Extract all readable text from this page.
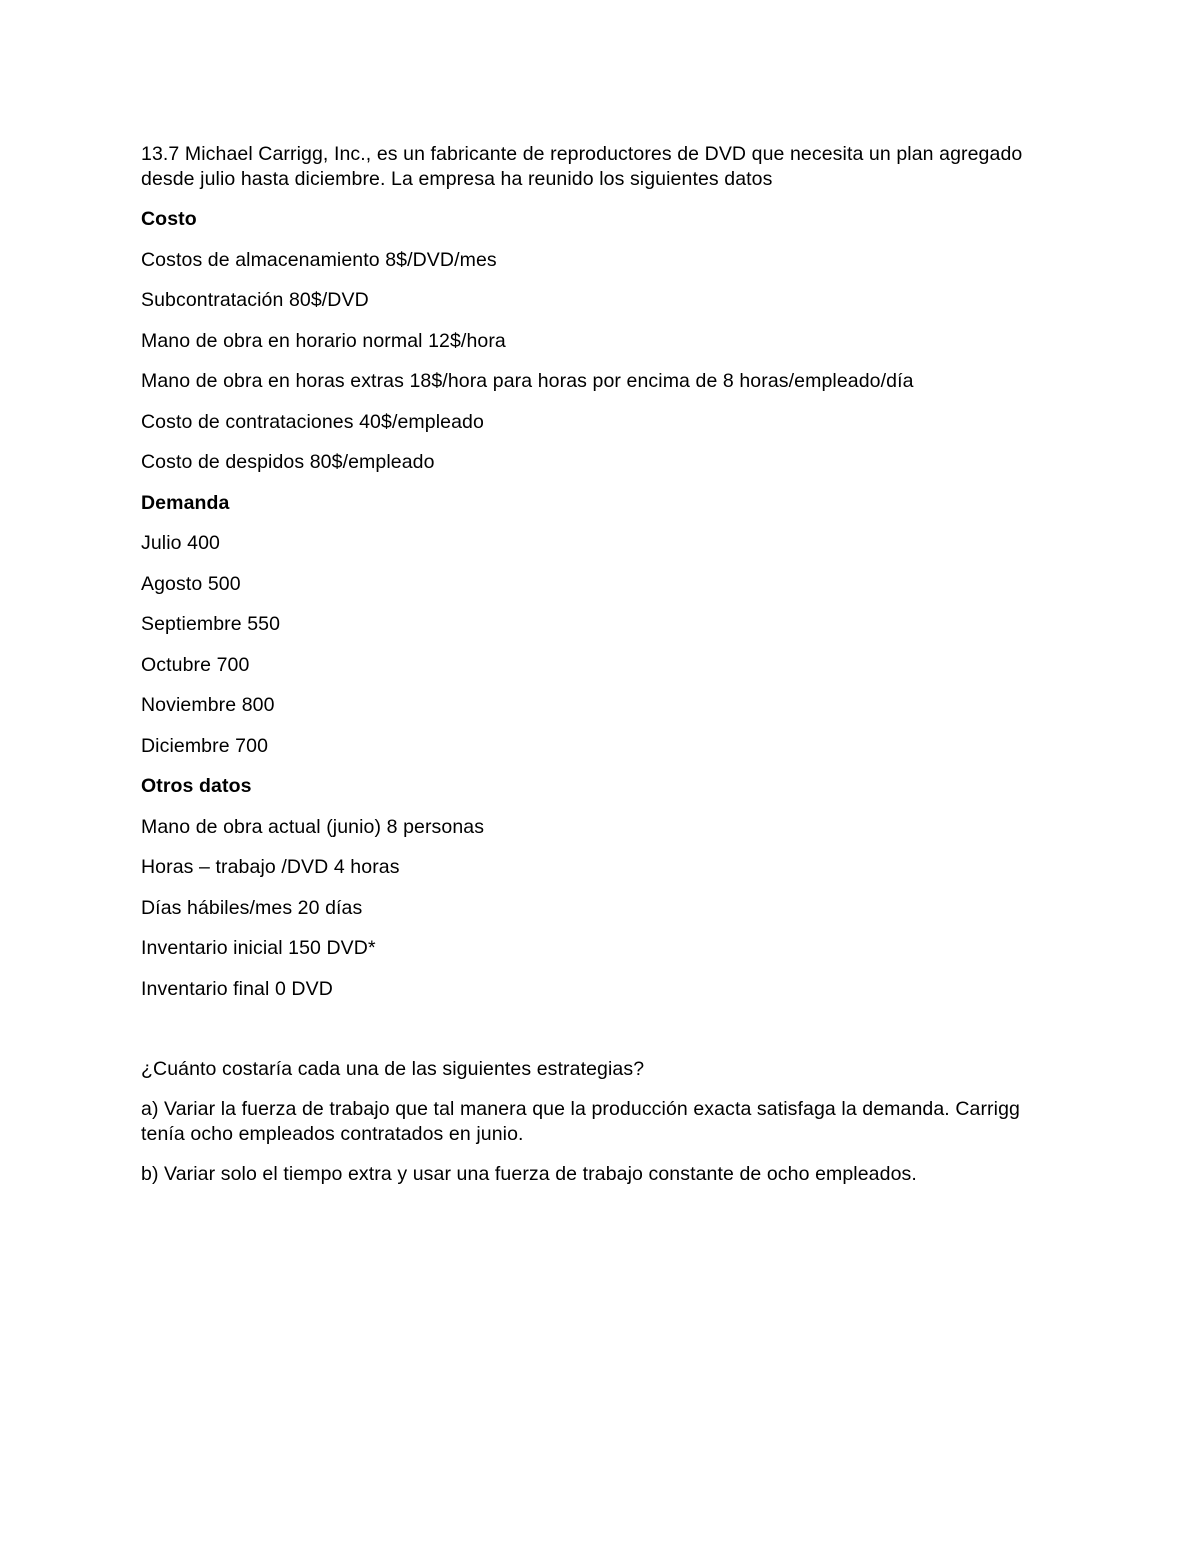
13.7 Michael Carrigg, Inc., es un fabricante de reproductores de DVD que necesita un plan agregado desde julio hasta diciembre. La empresa ha reunido los siguientes datos

Costo
Costos de almacenamiento 8$/DVD/mes
Subcontratación 80$/DVD
Mano de obra en horario normal 12$/hora
Mano de obra en horas extras 18$/hora para horas por encima de 8 horas/empleado/día
Costo de contrataciones 40$/empleado
Costo de despidos 80$/empleado
Demanda
Julio 400
Agosto 500
Septiembre 550
Octubre 700
Noviembre 800
Diciembre 700
Otros datos
Mano de obra actual (junio) 8 personas
Horas – trabajo /DVD 4 horas
Días hábiles/mes 20 días
Inventario inicial 150 DVD*
Inventario final 0 DVD

¿Cuánto costaría cada una de las siguientes estrategias?

a) Variar la fuerza de trabajo que tal manera que la producción exacta satisfaga la demanda. Carrigg tenía ocho empleados contratados en junio.

b) Variar solo el tiempo extra y usar una fuerza de trabajo constante de ocho empleados.
